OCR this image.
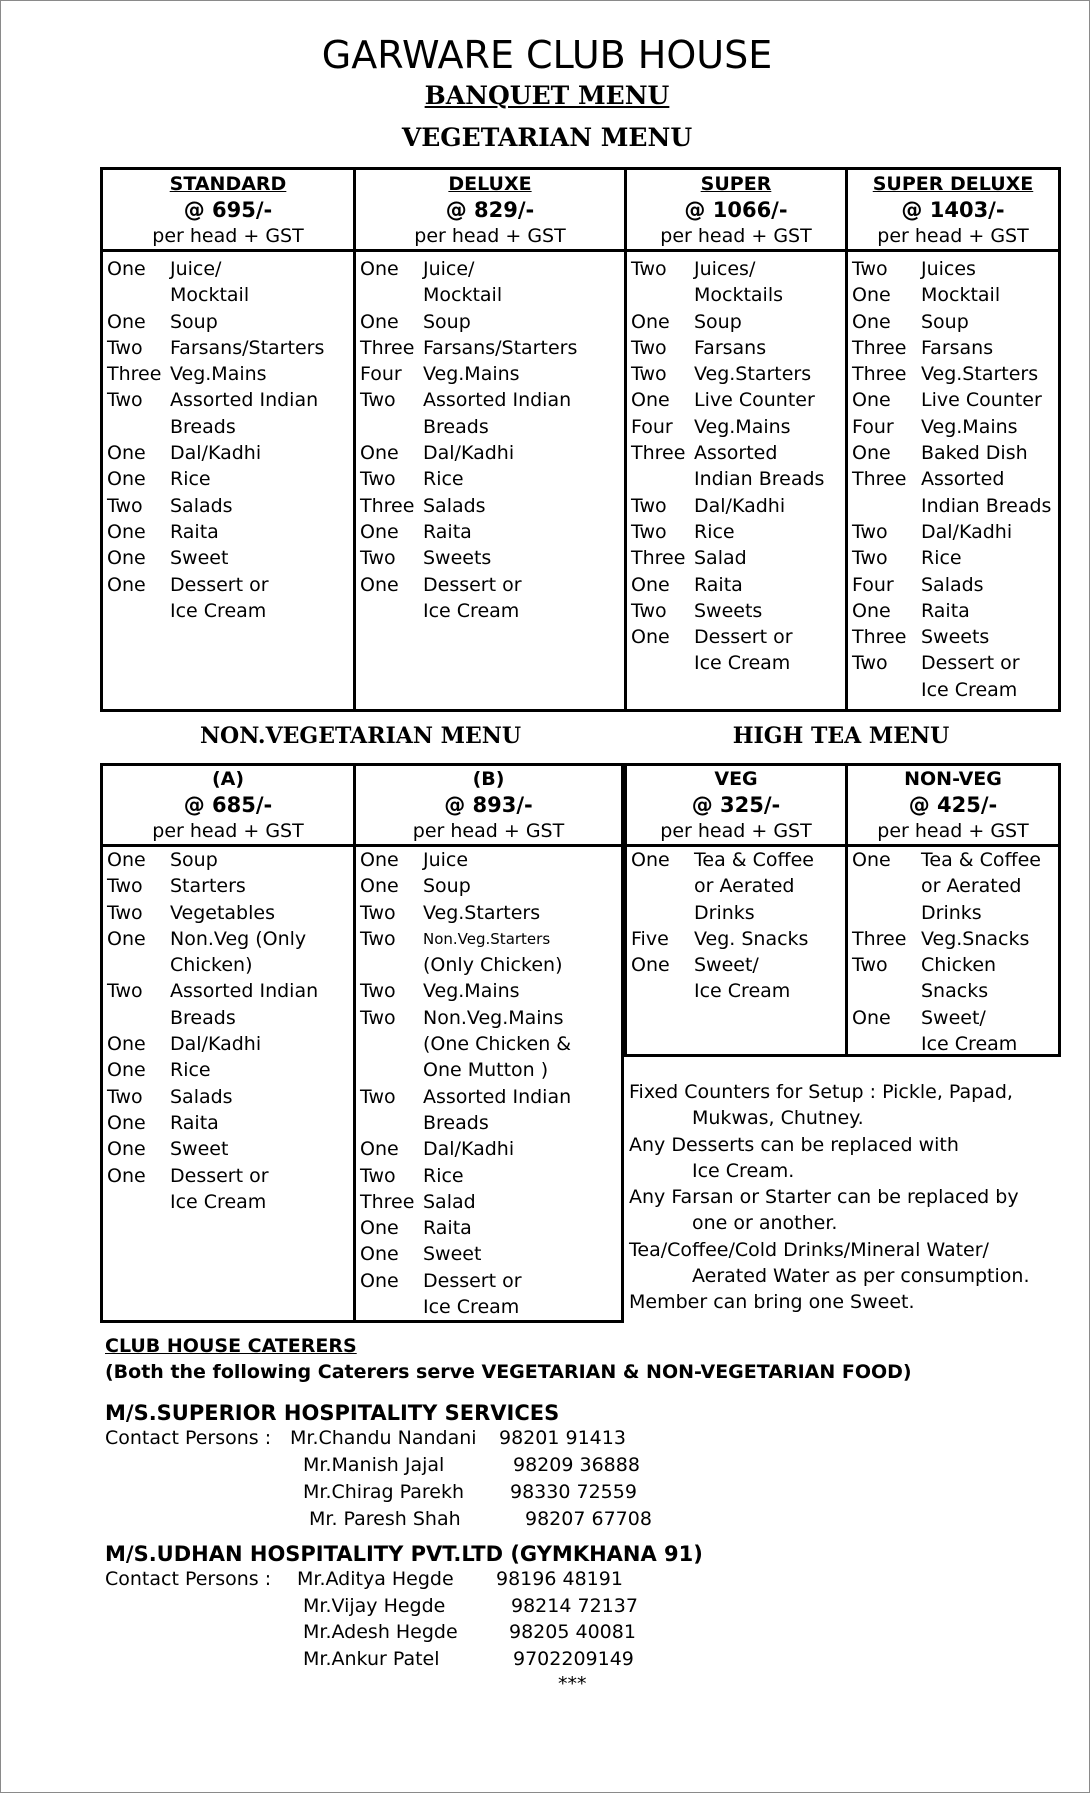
GARWARE CLUB HOUSE
BANQUET MENU
VEGETARIAN MENU
STANDARD
@ 695/-
per head + GST
One	Juice/
Mocktail
One	Soup
Two	Farsans/Starters
Three Veg.Mains
Two	Assorted Indian
Breads
One	Dal/Kadhi
One	Rice
Two	Salads
One	Raita
One	Sweet
One	Dessert or
Ice Cream
DELUXE
@ 829/-
per head + GST
One	Juice/
Mocktail
One	Soup
Three Farsans/Starters
Four	Veg.Mains
Two	Assorted Indian
Breads
One	Dal/Kadhi
Two	Rice
Three Salads
One	Raita
Two	Sweets
One	Dessert or
Ice Cream
SUPER
@ 1066/-
per head + GST
Two	Juices/
Mocktails
One	Soup
Two	Farsans
Two	Veg.Starters
One	Live Counter
Four	Veg.Mains
Three Assorted
Indian Breads
Two	Dal/Kadhi
Two	Rice
Three Salad
One	Raita
Two	Sweets
One	Dessert or
Ice Cream
SUPER DELUXE
@ 1403/-
per head + GST
Two	Juices
One	Mocktail
One	Soup
Three Farsans
Three Veg.Starters
One	Live Counter
Four	Veg.Mains
One	Baked Dish
Three Assorted
Indian Breads
Two	Dal/Kadhi
Two	Rice
Four	Salads
One	Raita
Three Sweets
Two	Dessert or
Ice Cream
NON.VEGETARIAN MENU	HIGH TEA MENU
(A)
@ 685/-
per head + GST
One	Soup
Two	Starters
Two	Vegetables
One	Non.Veg (Only
Chicken)
Two	Assorted Indian
Breads
One	Dal/Kadhi
One	Rice
Two	Salads
One	Raita
One	Sweet
One	Dessert or
Ice Cream
(B)
@ 893/-
per head + GST
One	Juice
One	Soup
Two	Veg.Starters
Two	Non.Veg.Starters
(Only Chicken)
Two	Veg.Mains
Two	Non.Veg.Mains
(One Chicken &
One Mutton )
Two	Assorted Indian
Breads
One	Dal/Kadhi
Two	Rice
Three Salad
One	Raita
One	Sweet
One	Dessert or
Ice Cream
VEG
@ 325/-
per head + GST
One	Tea & Coffee
or Aerated
Drinks
Five	Veg. Snacks
One	Sweet/
Ice Cream
NON-VEG
@ 425/-
per head + GST
One	Tea & Coffee
or Aerated
Drinks
Three Veg.Snacks
Two	Chicken
Snacks
One	Sweet/
Ice Cream
Fixed Counters for Setup : Pickle, Papad,
Mukwas, Chutney.
Any Desserts can be replaced with
Ice Cream.
Any Farsan or Starter can be replaced by
one or another.
Tea/Coffee/Cold Drinks/Mineral Water/
Aerated Water as per consumption.
Member can bring one Sweet.
CLUB HOUSE CATERERS
(Both the following Caterers serve VEGETARIAN & NON-VEGETARIAN FOOD)
M/S.SUPERIOR HOSPITALITY SERVICES
Contact Persons : Mr.Chandu Nandani 98201 91413
Mr.Manish Jajal	98209 36888
Mr.Chirag Parekh 98330 72559
Mr. Paresh Shah	98207 67708
M/S.UDHAN HOSPITALITY PVT.LTD (GYMKHANA 91)
Contact Persons : Mr.Aditya Hegde 98196 48191
Mr.Vijay Hegde	98214 72137
Mr.Adesh Hegde	98205 40081
Mr.Ankur Patel	9702209149
***
